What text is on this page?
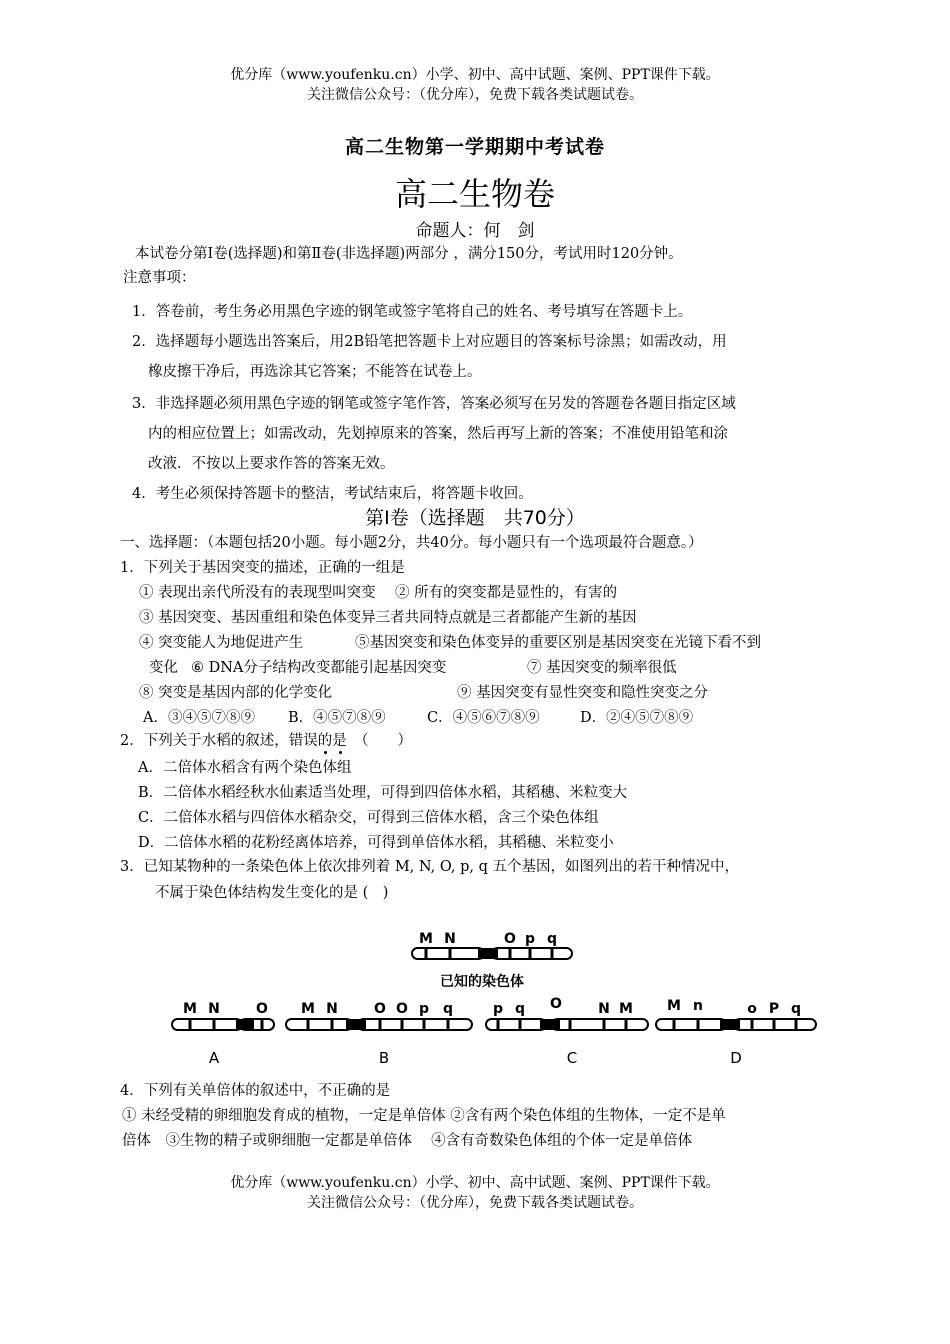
优分库（www.youfenku.cn）小学、初中、高中试题、案例、PPT课件下载。
关注微信公众号：（优分库），免费下载各类试题试卷。
高二生物第一学期期中考试卷
高二生物卷
命题人：何　剑
本试卷分第Ⅰ卷(选择题)和第Ⅱ卷(非选择题)两部分 ，满分150分，考试用时120分钟。
注意事项：
1．答卷前，考生务必用黑色字迹的钢笔或签字笔将自己的姓名、考号填写在答题卡上。
2．选择题每小题选出答案后，用2B铅笔把答题卡上对应题目的答案标号涂黑；如需改动，用
橡皮擦干净后，再选涂其它答案；不能答在试卷上。
3．非选择题必须用黑色字迹的钢笔或签字笔作答，答案必须写在另发的答题卷各题目指定区域
内的相应位置上；如需改动，先划掉原来的答案，然后再写上新的答案；不准使用铅笔和涂
改液．不按以上要求作答的答案无效。
4．考生必须保持答题卡的整洁，考试结束后，将答题卡收回。
第Ⅰ卷（选择题　共70分）
一、选择题：（本题包括20小题。每小题2分，共40分。每小题只有一个选项最符合题意。）
1．下列关于基因突变的描述，正确的一组是
① 表现出亲代所没有的表现型叫突变 ② 所有的突变都是显性的，有害的
③ 基因突变、基因重组和染色体变异三者共同特点就是三者都能产生新的基因
④ 突变能人为地促进产生	⑤基因突变和染色体变异的重要区别是基因突变在光镜下看不到
变化 ⑥ DNA分子结构改变都能引起基因突变	⑦ 基因突变的频率很低
⑧ 突变是基因内部的化学变化	⑨ 基因突变有显性突变和隐性突变之分
A．③④⑤⑦⑧⑨ B．④⑤⑦⑧⑨	C．④⑤⑥⑦⑧⑨	D．②④⑤⑦⑧⑨
2．下列关于水稻的叙述，错误的是　（　　）
A．二倍体水稻含有两个染色体组
B．二倍体水稻经秋水仙素适当处理，可得到四倍体水稻，其稻穗、米粒变大
C．二倍体水稻与四倍体水稻杂交，可得到三倍体水稻，含三个染色体组
D．二倍体水稻的花粉经离体培养，可得到单倍体水稻，其稻穗、米粒变小
3．已知某物种的一条染色体上依次排列着 M, N, O, p, q 五个基因，如图列出的若干种情况中，
不属于染色体结构发生变化的是 (　)
M N	O p q
已知的染色体
M N	O
A
M N	O O p q
B
p q O	N M
C
M n	o P q
D
4．下列有关单倍体的叙述中，不正确的是
① 未经受精的卵细胞发育成的植物，一定是单倍体 ②含有两个染色体组的生物体，一定不是单
倍体　③生物的精子或卵细胞一定都是单倍体　 ④含有奇数染色体组的个体一定是单倍体
优分库（www.youfenku.cn）小学、初中、高中试题、案例、PPT课件下载。
关注微信公众号：（优分库），免费下载各类试题试卷。
